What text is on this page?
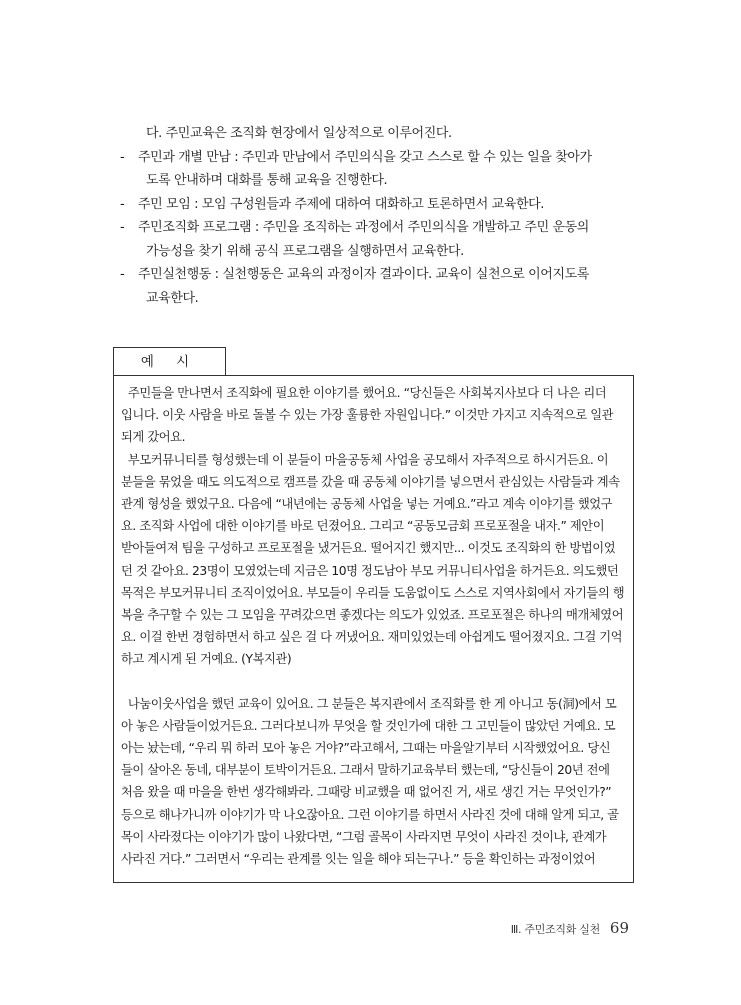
다. 주민교육은 조직화 현장에서 일상적으로 이루어진다.
-	주민과 개별 만남 : 주민과 만남에서 주민의식을 갖고 스스로 할 수 있는 일을 찾아가
도록 안내하며 대화를 통해 교육을 진행한다.
-	주민 모임 : 모임 구성원들과 주제에 대하여 대화하고 토론하면서 교육한다.
-	주민조직화 프로그램 : 주민을 조직하는 과정에서 주민의식을 개발하고 주민 운동의
가능성을 찾기 위해 공식 프로그램을 실행하면서 교육한다.
-	주민실천행동 : 실천행동은 교육의 과정이자 결과이다. 교육이 실천으로 이어지도록
교육한다.
예 시
주민들을 만나면서 조직화에 필요한 이야기를 했어요. “당신들은 사회복지사보다 더 나은 리더
입니다. 이웃 사람을 바로 돌볼 수 있는 가장 훌륭한 자원입니다.” 이것만 가지고 지속적으로 일관
되게 갔어요.
부모커뮤니티를 형성했는데 이 분들이 마을공동체 사업을 공모해서 자주적으로 하시거든요. 이
분들을 묶었을 때도 의도적으로 캠프를 갔을 때 공동체 이야기를 넣으면서 관심있는 사람들과 계속
관계 형성을 했었구요. 다음에 “내년에는 공동체 사업을 넣는 거예요.”라고 계속 이야기를 했었구
요. 조직화 사업에 대한 이야기를 바로 던졌어요. 그리고 “공동모금회 프로포절을 내자.” 제안이
받아들여져 팀을 구성하고 프로포절을 냈거든요. 떨어지긴 했지만... 이것도 조직화의 한 방법이었
던 것 같아요. 23명이 모였었는데 지금은 10명 정도남아 부모 커뮤니티사업을 하거든요. 의도했던
목적은 부모커뮤니티 조직이었어요. 부모들이 우리들 도움없이도 스스로 지역사회에서 자기들의 행
복을 추구할 수 있는 그 모임을 꾸려갔으면 좋겠다는 의도가 있었죠. 프로포절은 하나의 매개체였어
요. 이걸 한번 경험하면서 하고 싶은 걸 다 꺼냈어요. 재미있었는데 아쉽게도 떨어졌지요. 그걸 기억
하고 계시게 된 거예요. (Y복지관)
나눔이웃사업을 했던 교육이 있어요. 그 분들은 복지관에서 조직화를 한 게 아니고 동(洞)에서 모
아 놓은 사람들이었거든요. 그러다보니까 무엇을 할 것인가에 대한 그 고민들이 많았던 거예요. 모
아는 놨는데, “우리 뭐 하러 모아 놓은 거야?”라고해서, 그때는 마을알기부터 시작했었어요. 당신
들이 살아온 동네, 대부분이 토박이거든요. 그래서 말하기교육부터 했는데, “당신들이 20년 전에
처음 왔을 때 마을을 한번 생각해봐라. 그때랑 비교했을 때 없어진 거, 새로 생긴 거는 무엇인가?”
등으로 해나가니까 이야기가 막 나오잖아요. 그런 이야기를 하면서 사라진 것에 대해 알게 되고, 골
목이 사라졌다는 이야기가 많이 나왔다면, “그럼 골목이 사라지면 무엇이 사라진 것이냐, 관계가
사라진 거다.” 그러면서 “우리는 관계를 잇는 일을 해야 되는구나.” 등을 확인하는 과정이었어
Ⅲ. 주민조직화 실천 69
